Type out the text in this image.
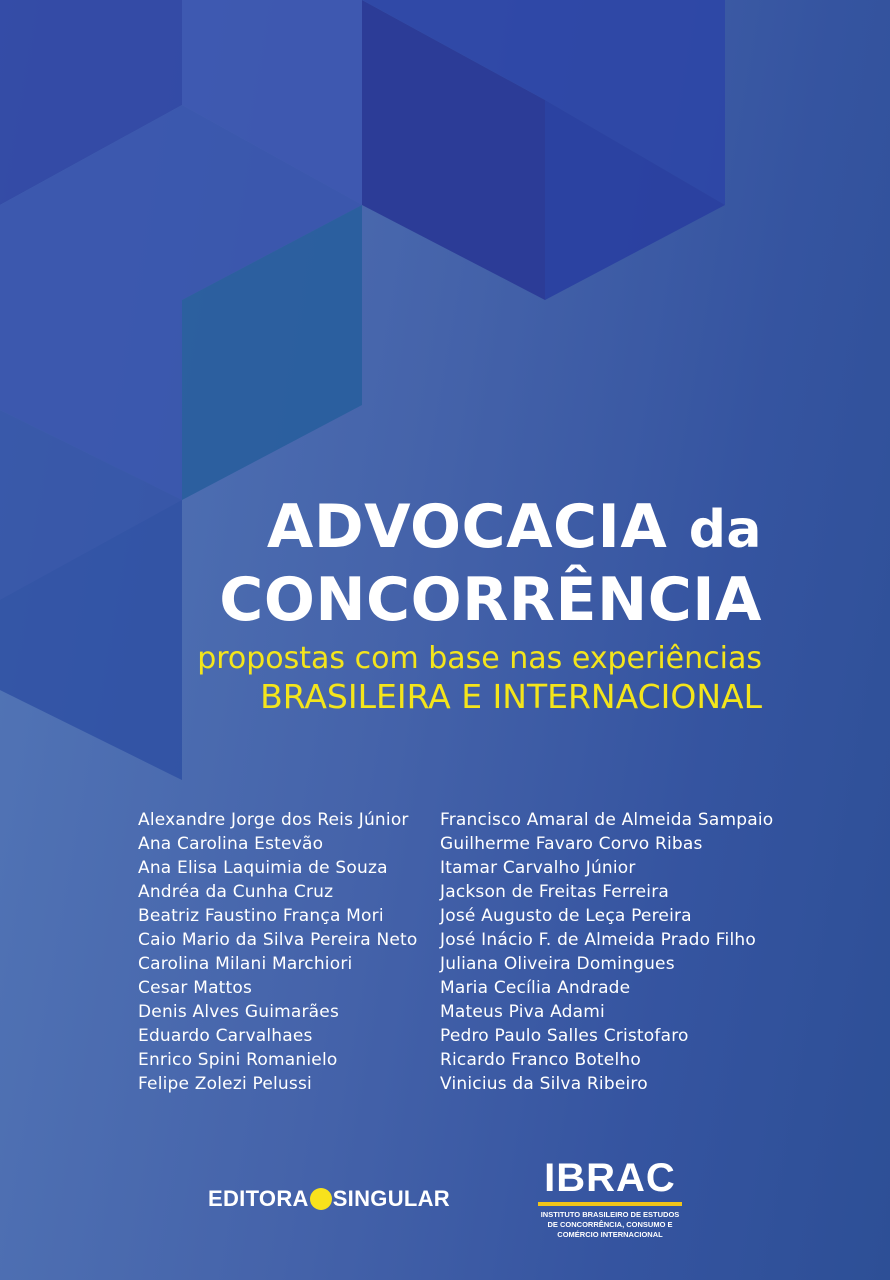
ADVOCACIA da
CONCORRÊNCIA
propostas com base nas experiências
BRASILEIRA E INTERNACIONAL
Alexandre Jorge dos Reis Júnior
Ana Carolina Estevão
Ana Elisa Laquimia de Souza
Andréa da Cunha Cruz
Beatriz Faustino França Mori
Caio Mario da Silva Pereira Neto
Carolina Milani Marchiori
Cesar Mattos
Denis Alves Guimarães
Eduardo Carvalhaes
Enrico Spini Romanielo
Felipe Zolezi Pelussi
Francisco Amaral de Almeida Sampaio
Guilherme Favaro Corvo Ribas
Itamar Carvalho Júnior
Jackson de Freitas Ferreira
José Augusto de Leça Pereira
José Inácio F. de Almeida Prado Filho
Juliana Oliveira Domingues
Maria Cecília Andrade
Mateus Piva Adami
Pedro Paulo Salles Cristofaro
Ricardo Franco Botelho
Vinicius da Silva Ribeiro
EDITORA SINGULAR	IBRAC
INSTITUTO BRASILEIRO DE ESTUDOS
DE CONCORRÊNCIA, CONSUMO E
COMÉRCIO INTERNACIONAL
